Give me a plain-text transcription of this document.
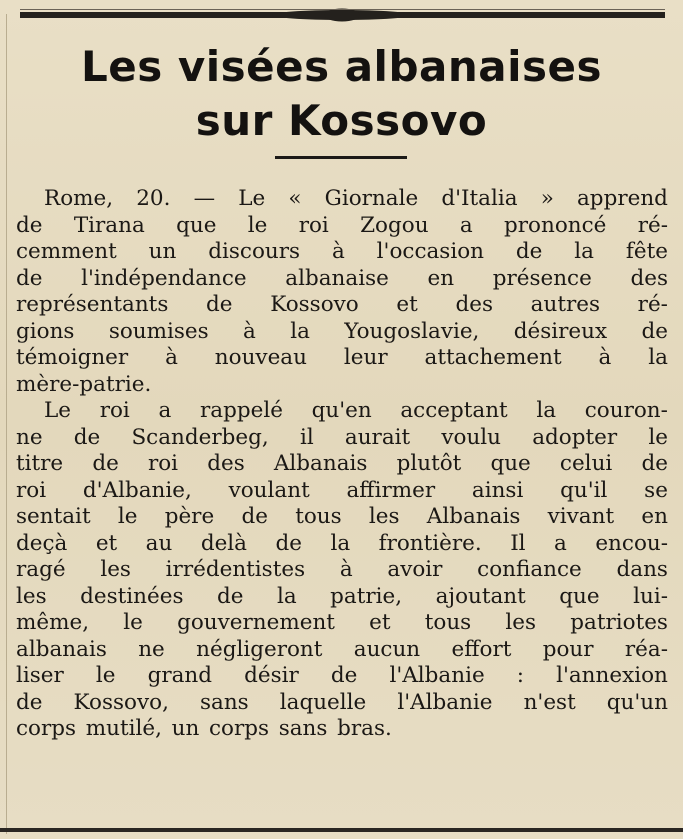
Les visées albanaises
sur Kossovo
Rome, 20. — Le « Giornale d'Italia » apprend
de Tirana que le roi Zogou a prononcé ré-
cemment un discours à l'occasion de la fête
de l'indépendance albanaise en présence des
représentants de Kossovo et des autres ré-
gions soumises à la Yougoslavie, désireux de
témoigner à nouveau leur attachement à la
mère-patrie.
Le roi a rappelé qu'en acceptant la couron-
ne de Scanderbeg, il aurait voulu adopter le
titre de roi des Albanais plutôt que celui de
roi d'Albanie, voulant affirmer ainsi qu'il se
sentait le père de tous les Albanais vivant en
deçà et au delà de la frontière. Il a encou-
ragé les irrédentistes à avoir confiance dans
les destinées de la patrie, ajoutant que lui-
même, le gouvernement et tous les patriotes
albanais ne négligeront aucun effort pour réa-
liser le grand désir de l'Albanie : l'annexion
de Kossovo, sans laquelle l'Albanie n'est qu'un
corps mutilé, un corps sans bras.
